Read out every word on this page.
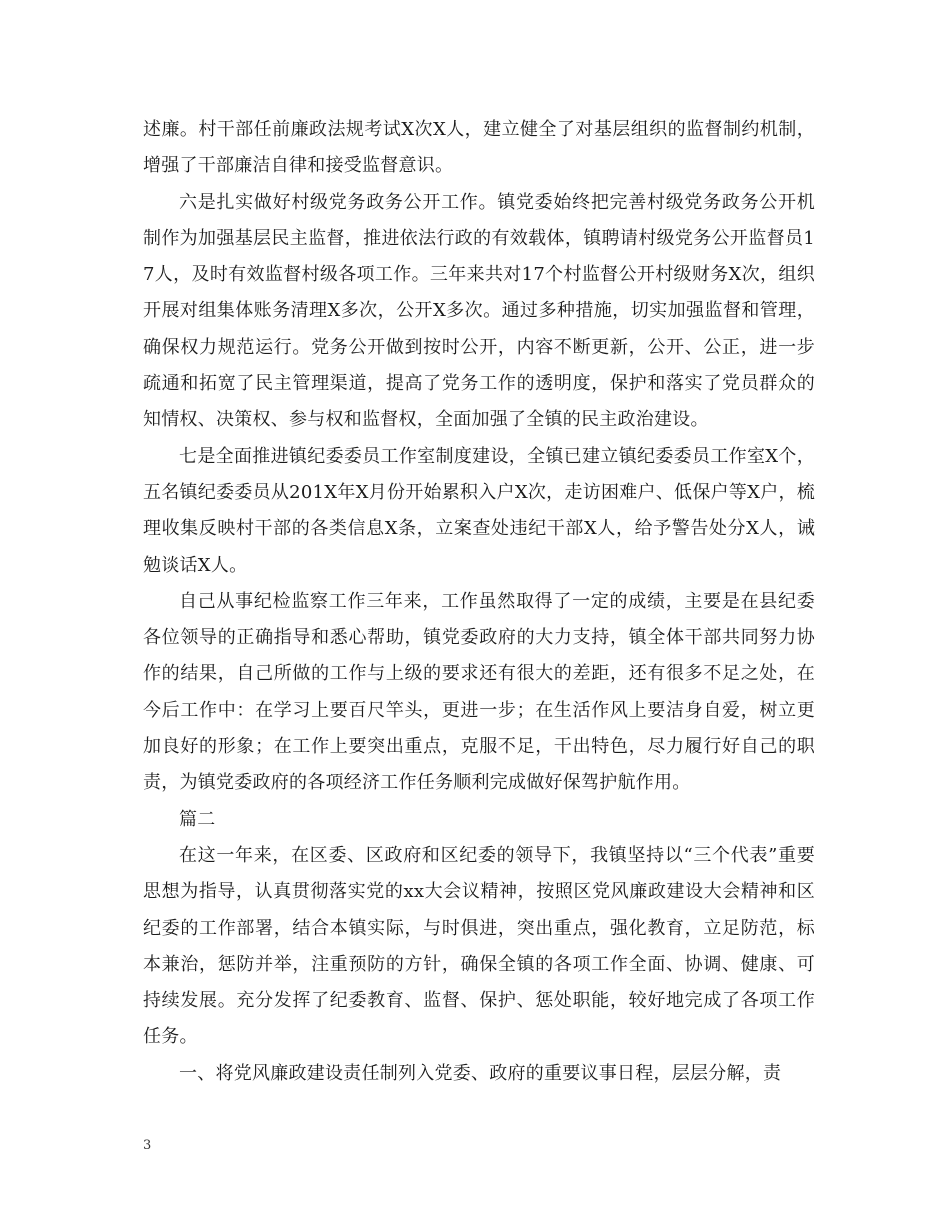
述廉。村干部任前廉政法规考试X次X人，建立健全了对基层组织的监督制约机制，增强了干部廉洁自律和接受监督意识。

六是扎实做好村级党务政务公开工作。镇党委始终把完善村级党务政务公开机制作为加强基层民主监督，推进依法行政的有效载体，镇聘请村级党务公开监督员17人，及时有效监督村级各项工作。三年来共对17个村监督公开村级财务X次，组织开展对组集体账务清理X多次，公开X多次。通过多种措施，切实加强监督和管理，确保权力规范运行。党务公开做到按时公开，内容不断更新，公开、公正，进一步疏通和拓宽了民主管理渠道，提高了党务工作的透明度，保护和落实了党员群众的知情权、决策权、参与权和监督权，全面加强了全镇的民主政治建设。

七是全面推进镇纪委委员工作室制度建设，全镇已建立镇纪委委员工作室X个，五名镇纪委委员从201X年X月份开始累积入户X次，走访困难户、低保户等X户，梳理收集反映村干部的各类信息X条，立案查处违纪干部X人，给予警告处分X人，诫勉谈话X人。

自己从事纪检监察工作三年来，工作虽然取得了一定的成绩，主要是在县纪委各位领导的正确指导和悉心帮助，镇党委政府的大力支持，镇全体干部共同努力协作的结果，自己所做的工作与上级的要求还有很大的差距，还有很多不足之处，在今后工作中：在学习上要百尺竿头，更进一步；在生活作风上要洁身自爱，树立更加良好的形象；在工作上要突出重点，克服不足，干出特色，尽力履行好自己的职责，为镇党委政府的各项经济工作任务顺利完成做好保驾护航作用。

篇二

在这一年来，在区委、区政府和区纪委的领导下，我镇坚持以“三个代表”重要思想为指导，认真贯彻落实党的xx大会议精神，按照区党风廉政建设大会精神和区纪委的工作部署，结合本镇实际，与时俱进，突出重点，强化教育，立足防范，标本兼治，惩防并举，注重预防的方针，确保全镇的各项工作全面、协调、健康、可持续发展。充分发挥了纪委教育、监督、保护、惩处职能，较好地完成了各项工作任务。

一、将党风廉政建设责任制列入党委、政府的重要议事日程，层层分解，责

3
